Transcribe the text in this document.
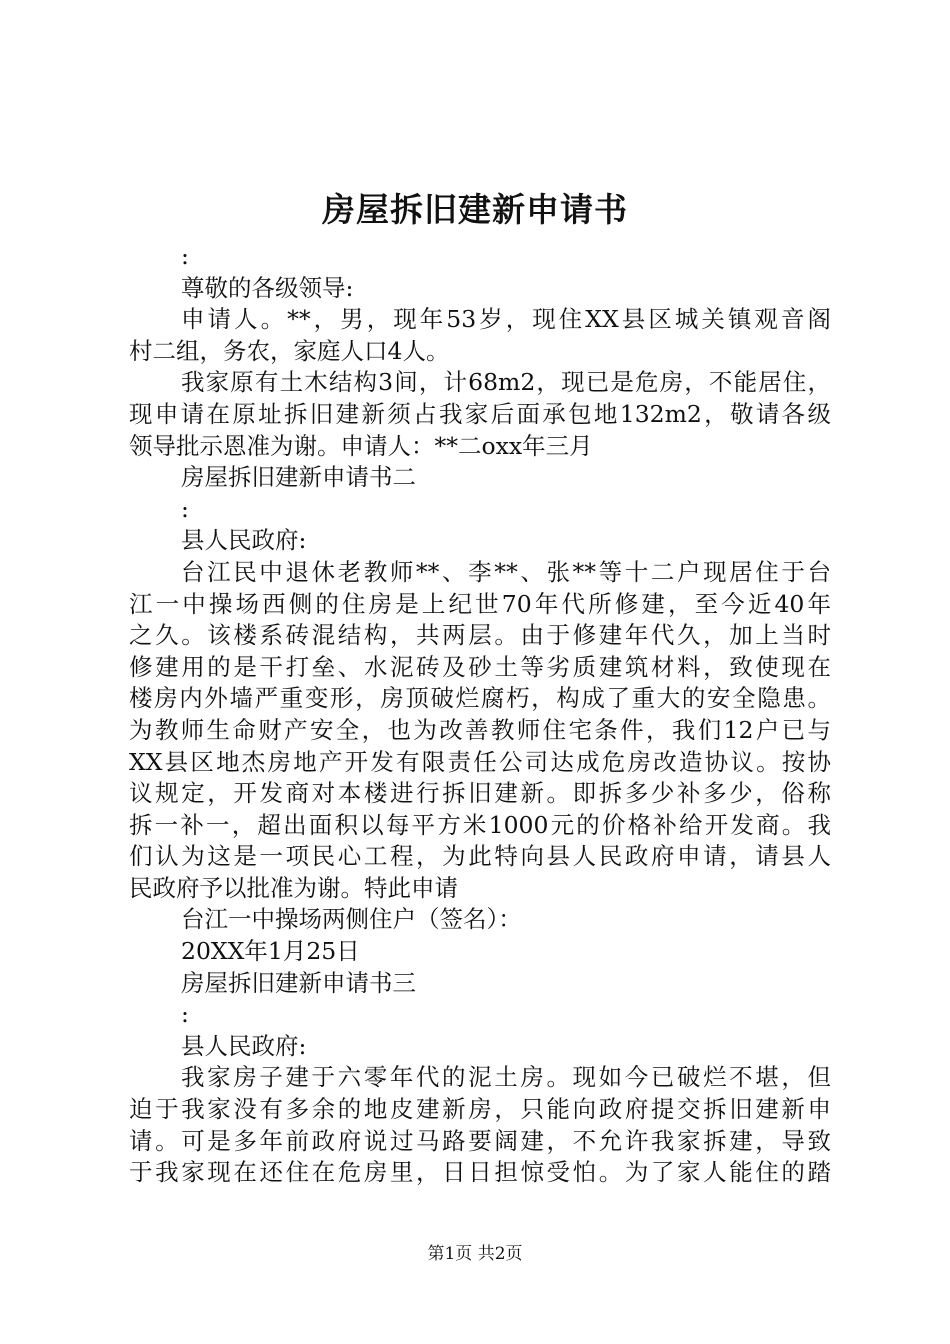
房屋拆旧建新申请书
:
尊敬的各级领导:
申请人。**，男，现年53岁，现住XX县区城关镇观音阁
村二组，务农，家庭人口4人。
我家原有土木结构3间，计68m2，现已是危房，不能居住，
现申请在原址拆旧建新须占我家后面承包地132m2，敬请各级
领导批示恩准为谢。申请人：**二oxx年三月
房屋拆旧建新申请书二
:
县人民政府:
台江民中退休老教师**、李**、张**等十二户现居住于台
江一中操场西侧的住房是上纪世70年代所修建，至今近40年
之久。该楼系砖混结构，共两层。由于修建年代久，加上当时
修建用的是干打垒、水泥砖及砂土等劣质建筑材料，致使现在
楼房内外墙严重变形，房顶破烂腐朽，构成了重大的安全隐患。
为教师生命财产安全，也为改善教师住宅条件，我们12户已与
XX县区地杰房地产开发有限责任公司达成危房改造协议。按协
议规定，开发商对本楼进行拆旧建新。即拆多少补多少，俗称
拆一补一，超出面积以每平方米1000元的价格补给开发商。我
们认为这是一项民心工程，为此特向县人民政府申请，请县人
民政府予以批准为谢。特此申请
台江一中操场两侧住户（签名）：
20XX年1月25日
房屋拆旧建新申请书三
:
县人民政府:
我家房子建于六零年代的泥土房。现如今已破烂不堪，但
迫于我家没有多余的地皮建新房，只能向政府提交拆旧建新申
请。可是多年前政府说过马路要阔建，不允许我家拆建，导致
于我家现在还住在危房里，日日担惊受怕。为了家人能住的踏
第1页 共2页
